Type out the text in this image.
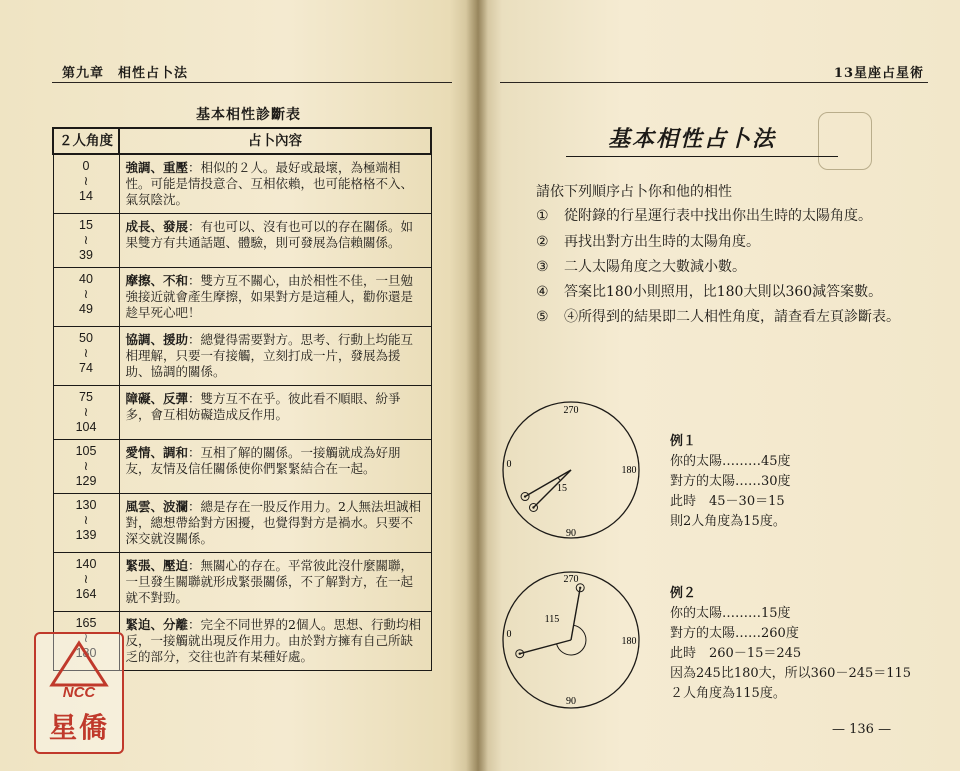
第九章　相性占卜法
基本相性診斷表
２人角度	占卜內容

0
≀
14	強調、重壓：相似的２人。最好或最壞，為極端相性。可能是情投意合、互相依賴，也可能格格不入、氣氛陰沈。

15
≀
39	成長、發展：有也可以、沒有也可以的存在關係。如果雙方有共通話題、體驗，則可發展為信賴關係。

40
≀
49	摩擦、不和：雙方互不關心，由於相性不佳，一旦勉強接近就會產生摩擦，如果對方是這種人，勸你還是趁早死心吧！

50
≀
74	協調、援助：總覺得需要對方。思考、行動上均能互相理解，只要一有接觸，立刻打成一片，發展為援助、協調的關係。

75
≀
104	障礙、反彈：雙方互不在乎。彼此看不順眼、紛爭多，會互相妨礙造成反作用。

105
≀
129	愛情、調和：互相了解的關係。一接觸就成為好朋友，友情及信任關係使你們緊緊結合在一起。

130
≀
139	風雲、波瀾：總是存在一股反作用力。2人無法坦誠相對，總想帶給對方困擾，也覺得對方是禍水。只要不深交就沒關係。

140
≀
164	緊張、壓迫：無關心的存在。平常彼此沒什麼關聯，一旦發生關聯就形成緊張關係，不了解對方，在一起就不對勁。

165
≀
180	緊迫、分離：完全不同世界的2個人。思想、行動均相反，一接觸就出現反作用力。由於對方擁有自己所缺乏的部分，交往也許有某種好處。
NCC
星僑
13星座占星術
基本相性占卜法
請依下列順序占卜你和他的相性
① 從附錄的行星運行表中找出你出生時的太陽角度。
② 再找出對方出生時的太陽角度。
③ 二人太陽角度之大數減小數。
④ 答案比180小則照用，比180大則以360減答案數。
⑤ ④所得到的結果即二人相性角度，請查看左頁診斷表。
270
180
90
0
15
例１
你的太陽………45度
對方的太陽……30度
此時　45－30＝15
則2人角度為15度。
270
180
90
0
115
例２
你的太陽………15度
對方的太陽……260度
此時　260－15＝245
因為245比180大，所以360－245＝115
２人角度為115度。
— 136 —
